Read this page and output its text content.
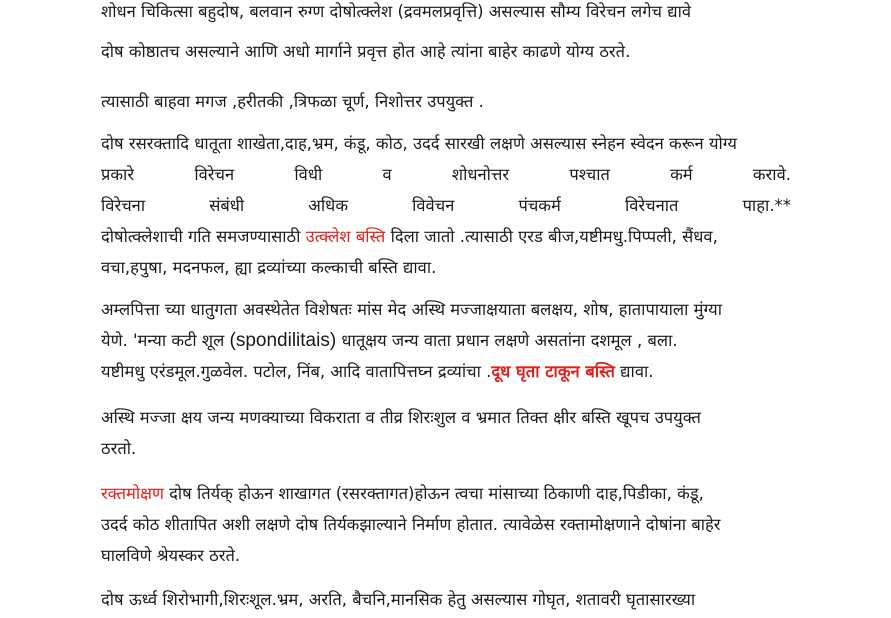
शोधन चिकित्सा बहुदोष, बलवान रुग्ण दोषोत्क्लेश (द्रवमलप्रवृत्ति) असल्यास सौम्य विरेचन लगेच द्यावे

दोष कोष्ठातच असल्याने आणि अधो मार्गाने प्रवृत्त होत आहे त्यांना बाहेर काढणे योग्य ठरते.

त्यासाठी बाहवा मगज ,हरीतकी ,त्रिफळा चूर्ण, निशोत्तर उपयुक्त .

दोष रसरक्तादि धातूता शाखेता,दाह,भ्रम, कंडू, कोठ, उदर्द सारखी लक्षणे असल्यास स्नेहन स्वेदन करून योग्य
प्रकारे विरेचन विधी व शोधनोत्तर पश्चात कर्म करावे.
विरेचना संबंधी अधिक विवेचन पंचकर्म विरेचनात पाहा.**
दोषोत्क्लेशाची गति समजण्यासाठी उत्क्लेश बस्ति दिला जातो .त्यासाठी एरड बीज,यष्टीमधु.पिप्पली, सैंधव,
वचा,हपुषा, मदनफल, ह्या द्रव्यांच्या कल्काची बस्ति द्यावा.
अम्लपित्ता च्या धातुगता अवस्थेतेत विशेषतः मांस मेद अस्थि मज्जाक्षयाता बलक्षय, शोष, हातापायाला मुंग्या
येणे. 'मन्या कटी शूल (spondilitais) धातूक्षय जन्य वाता प्रधान लक्षणे असतांना दशमूल , बला.
यष्टीमधु एरंडमूल.गुळवेल. पटोल, निंब, आदि वातापित्तघ्न द्रव्यांचा .दूध घृता टाकून बस्ति द्यावा.
अस्थि मज्जा क्षय जन्य मणक्याच्या विकराता व तीव्र शिरःशुल व भ्रमात तिक्त क्षीर बस्ति खूपच उपयुक्त
ठरतो.
रक्तमोक्षण दोष तिर्यक् होऊन शाखागत (रसरक्तागत)होऊन त्वचा मांसाच्या ठिकाणी दाह,पिडीका, कंडू,
उदर्द कोठ शीतापित अशी लक्षणे दोष तिर्यकझाल्याने निर्माण होतात. त्यावेळेस रक्तामोक्षणाने दोषांना बाहेर
घालविणे श्रेयस्कर ठरते.

दोष ऊर्ध्व शिरोभागी,शिरःशूल.भ्रम, अरति, बैचनि,मानसिक हेतु असल्यास गोघृत, शतावरी घृतासारख्या
